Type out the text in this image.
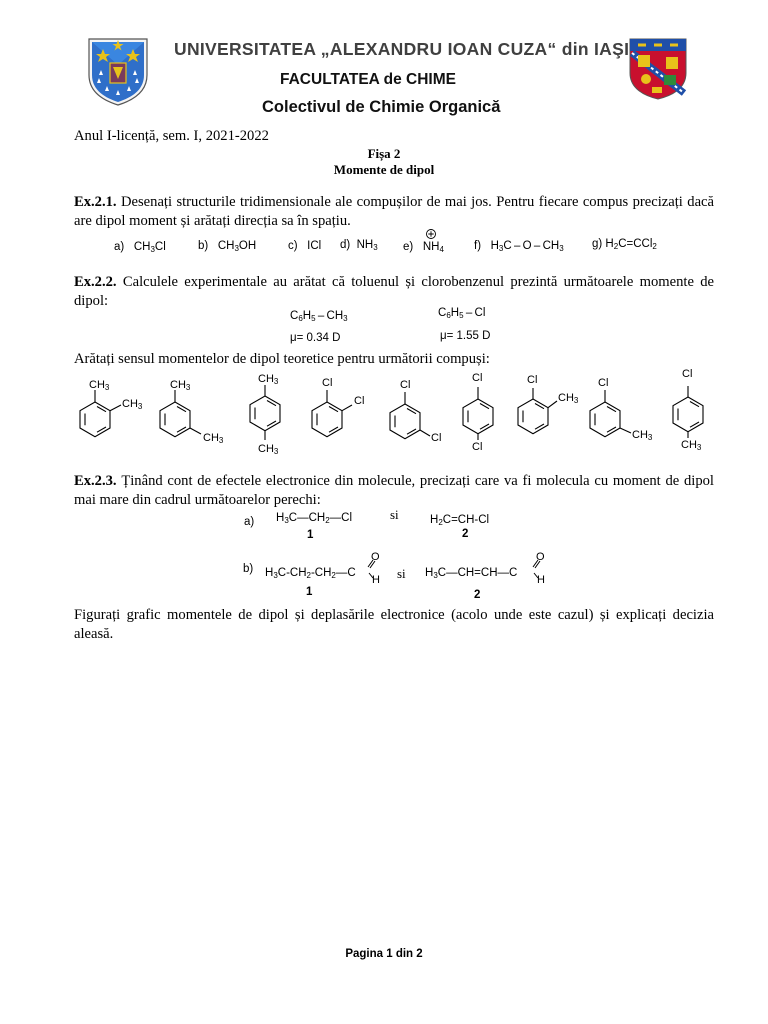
UNIVERSITATEA „ALEXANDRU IOAN CUZA“ din IAŞI
FACULTATEA de CHIME
Colectivul de Chimie Organică
Anul I-licență, sem. I, 2021-2022
Fișa 2
Momente de dipol
Ex.2.1. Desenați structurile tridimensionale ale compușilor de mai jos. Pentru fiecare compus precizați dacă are dipol moment și arătați direcția sa în spațiu.
a)   $CH_3Cl$	b)   $CH_3OH$	c)   ICl d)  $NH_3$ e)   $NH_4$	f)   $H_3C$ – O – $CH_3$ g) $H_2C=CCl_2$
Ex.2.2. Calculele experimentale au arătat că toluenul și clorobenzenul prezintă următoarele momente de dipol:
$C_6H_5 - CH_3$
μ= 0.34 D
$C_6H_5$ – Cl
μ= 1.55 D
Arătați sensul momentelor de dipol teoretice pentru următorii compuși:
CH3
CH3
CH3
CH3
CH3
CH3
Cl
Cl
Cl
Cl
Cl
Cl
Cl
CH3
Cl
CH3
Cl
CH3
Ex.2.3. Ținând cont de efectele electronice din molecule, precizați care va fi molecula cu moment de dipol mai mare din cadrul următoarelor perechi:
a) $H_3C—CH_2—Cl$
1
si	$H_2C=CH-Cl$
2
b) $H_3C-CH_2-CH_2—C$
O
H
1
si $H_3C—CH=CH—C$
O
H
2
Figurați grafic momentele de dipol și deplasările electronice (acolo unde este cazul) și explicați decizia aleasă.
Pagina 1 din 2
